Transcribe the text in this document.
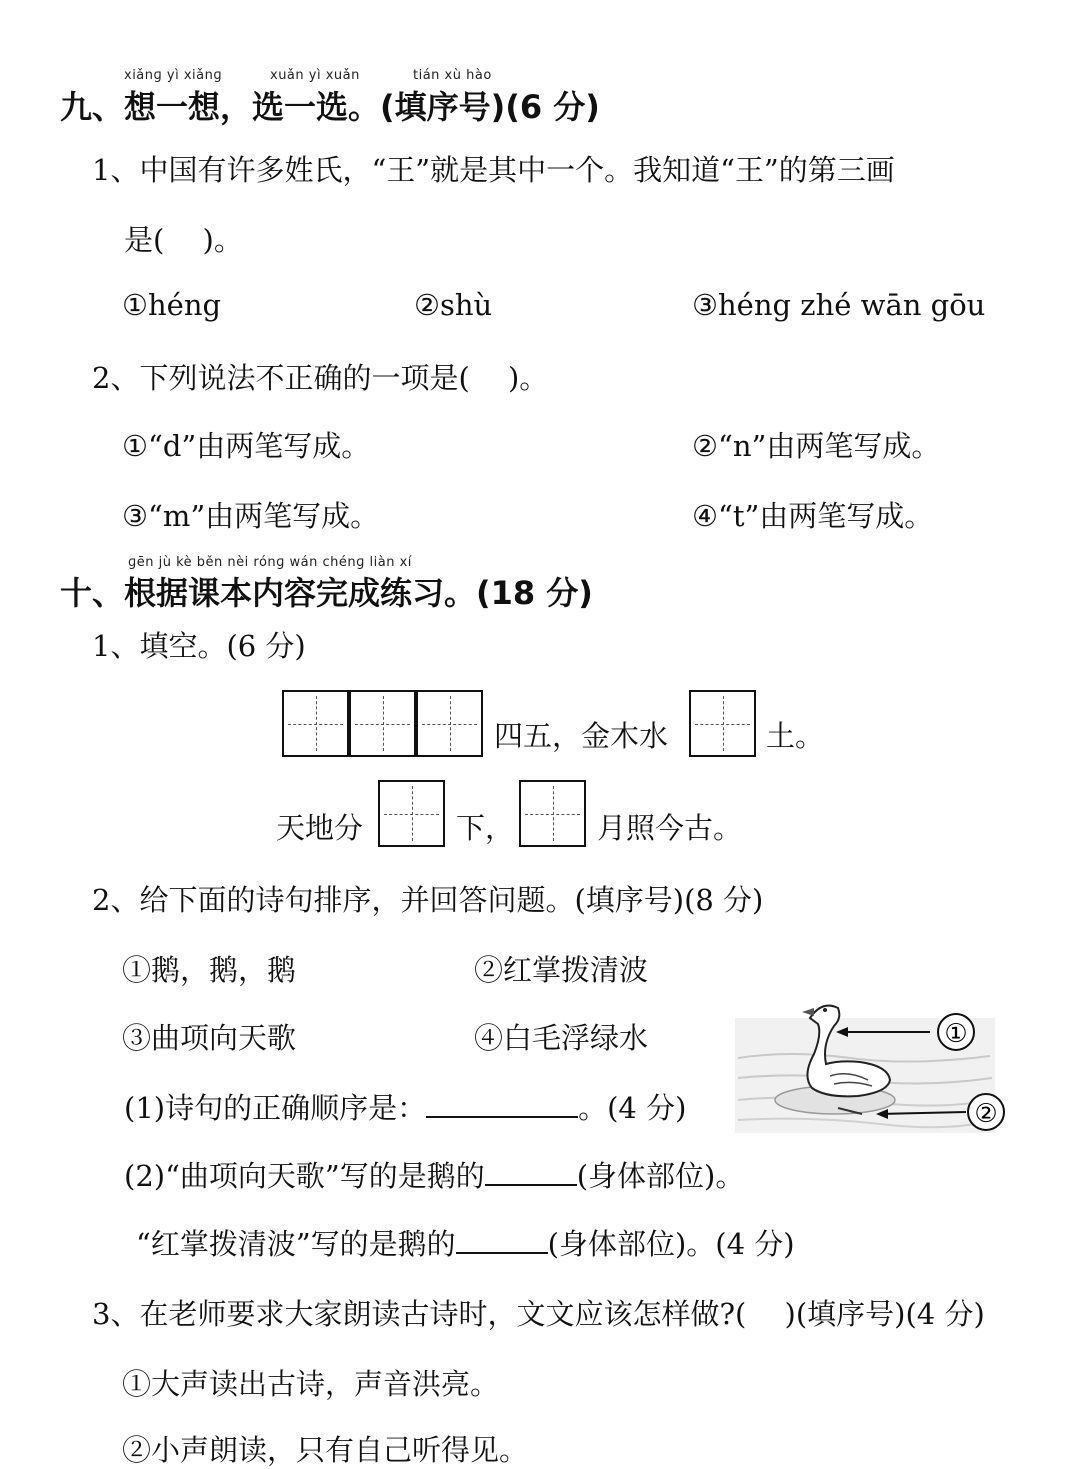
xiǎnɡ yì xiǎnɡ	xuǎn yì xuǎn	tián xù hào
九、想一想，选一选。(填序号)(6 分)
1、中国有许多姓氏，“王”就是其中一个。我知道“王”的第三画
是(　 )。
①héng	②shù	③héng zhé wān gōu
2、下列说法不正确的一项是(　 )。
①“d”由两笔写成。	②“n”由两笔写成。
③“m”由两笔写成。	④“t”由两笔写成。
ɡēn jù kè běn nèi rónɡ wán chénɡ liàn xí
十、根据课本内容完成练习。(18 分)
1、填空。(6 分)
四五，金木水	土。
天地分	下，	月照今古。
2、给下面的诗句排序，并回答问题。(填序号)(8 分)
①鹅，鹅，鹅	②红掌拨清波
③曲项向天歌	④白毛浮绿水	①
②
(1)诗句的正确顺序是：	。(4 分)
(2)“曲项向天歌”写的是鹅的	(身体部位)。
“红掌拨清波”写的是鹅的	(身体部位)。(4 分)
3、在老师要求大家朗读古诗时，文文应该怎样做?(　 )(填序号)(4 分)
①大声读出古诗，声音洪亮。
②小声朗读，只有自己听得见。
